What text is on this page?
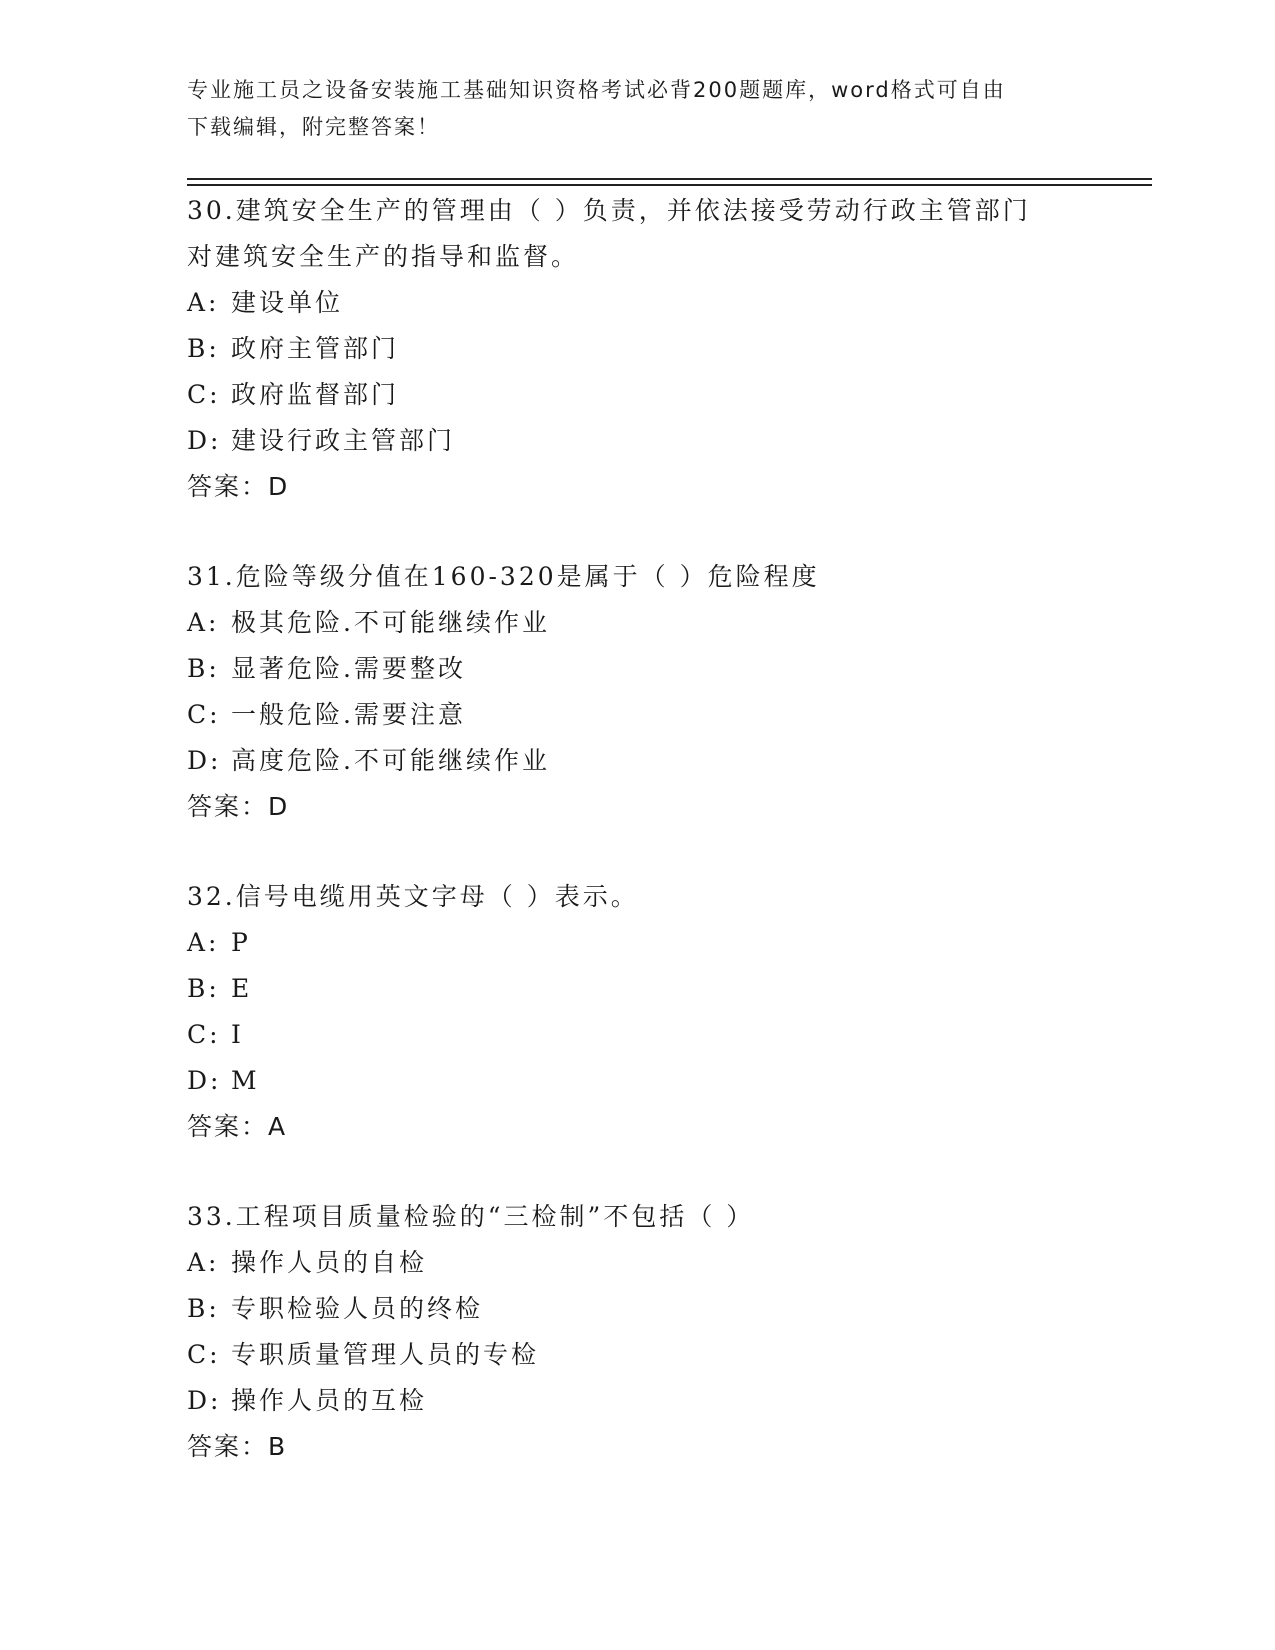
专业施工员之设备安装施工基础知识资格考试必背200题题库，word格式可自由
下载编辑，附完整答案！
30.建筑安全生产的管理由（ ）负责，并依法接受劳动行政主管部门
对建筑安全生产的指导和监督。
A: 建设单位
B: 政府主管部门
C: 政府监督部门
D: 建设行政主管部门
答案：D
31.危险等级分值在160-320是属于（ ）危险程度
A: 极其危险.不可能继续作业
B: 显著危险.需要整改
C: 一般危险.需要注意
D: 高度危险.不可能继续作业
答案：D
32.信号电缆用英文字母（ ）表示。
A: P
B: E
C: I
D: M
答案：A
33.工程项目质量检验的“三检制”不包括（ ）
A: 操作人员的自检
B: 专职检验人员的终检
C: 专职质量管理人员的专检
D: 操作人员的互检
答案：B
